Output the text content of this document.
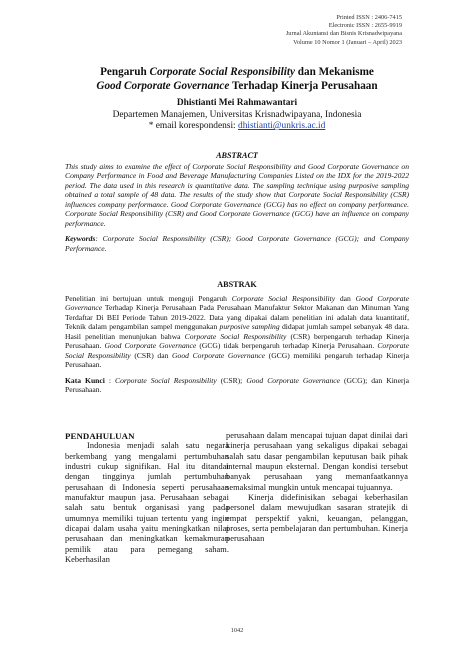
Printed ISSN : 2406-7415
Electronic ISSN : 2655-9919
Jurnal Akuntansi dan Bisnis Krisnadwipayana
Volume 10 Nomor 1 (Januari – April) 2023
Pengaruh Corporate Social Responsibility dan Mekanisme
Good Corporate Governance Terhadap Kinerja Perusahaan
Dhistianti Mei Rahmawantari
Departemen Manajemen, Universitas Krisnadwipayana, Indonesia
* email korespondensi: dhistianti@unkris.ac.id
ABSTRACT
This study aims to examine the effect of Corporate Social Responsibility and Good Corporate Governance on Company Performance in Food and Beverage Manufacturing Companies Listed on the IDX for the 2019-2022 period. The data used in this research is quantitative data. The sampling technique using purposive sampling obtained a total sample of 48 data. The results of the study show that Corporate Social Responsibility (CSR) influences company performance. Good Corporate Governance (GCG) has no effect on company performance. Corporate Social Responsibility (CSR) and Good Corporate Governance (GCG) have an influence on company performance.
Keywords: Corporate Social Responsibility (CSR); Good Corporate Governance (GCG); and Company Performance.
ABSTRAK
Penelitian ini bertujuan untuk menguji Pengaruh Corporate Social Responsibility dan Good Corporate Governance Terhadap Kinerja Perusahaan Pada Perusahaan Manufaktur Sektor Makanan dan Minuman Yang Terdaftar Di BEI Periode Tahun 2019-2022. Data yang dipakai dalam penelitian ini adalah data kuantitatif, Teknik dalam pengambilan sampel menggunakan purposive sampling didapat jumlah sampel sebanyak 48 data. Hasil penelitian menunjukan bahwa Corporate Social Responsibility (CSR) berpengaruh terhadap Kinerja Perusahaan. Good Corporate Governance (GCG) tidak berpengaruh terhadap Kinerja Perusahaan. Corporate Social Responsibility (CSR) dan Good Corporate Governance (GCG) memiliki pengaruh terhadap Kinerja Perusahaan.
Kata Kunci : Corporate Social Responsibility (CSR); Good Corporate Governance (GCG); dan Kinerja Perusahaan.
PENDAHULUAN

Indonesia menjadi salah satu negara berkembang yang mengalami pertumbuhan industri cukup signifikan. Hal itu ditandai dengan tingginya jumlah pertumbuhan perusahaan di Indonesia seperti perusahaan manufaktur maupun jasa. Perusahaan sebagai salah satu bentuk organisasi yang pada umumnya memiliki tujuan tertentu yang ingin dicapai dalam usaha yaitu meningkatkan nilai perusahaan dan meningkatkan kemakmuran pemilik atau para pemegang saham. Keberhasilan

perusahaan dalam mencapai tujuan dapat dinilai dari kinerja perusahaan yang sekaligus dipakai sebagai salah satu dasar pengambilan keputusan baik pihak internal maupun eksternal. Dengan kondisi tersebut banyak perusahaan yang memanfaatkannya semaksimal mungkin untuk mencapai tujuannya.

Kinerja didefinisikan sebagai keberhasilan personel dalam mewujudkan sasaran stratejik di empat perspektif yakni, keuangan, pelanggan, proses, serta pembelajaran dan pertumbuhan. Kinerja perusahaan

1042
